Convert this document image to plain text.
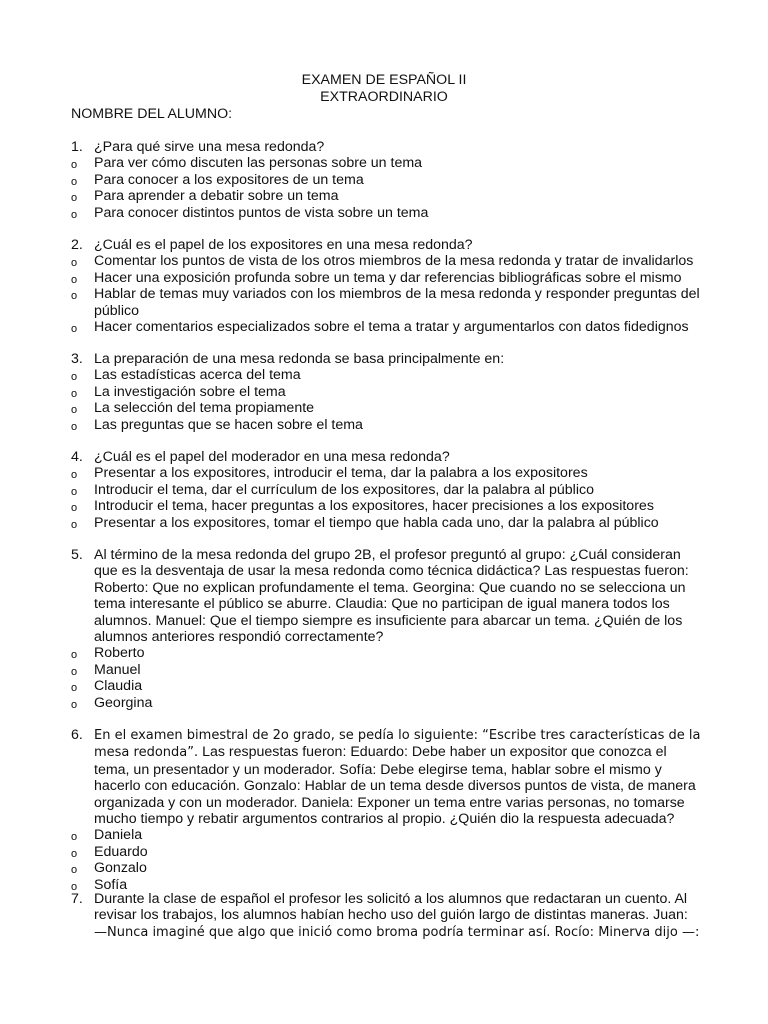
EXAMEN DE ESPAÑOL II
EXTRAORDINARIO
NOMBRE DEL ALUMNO:
1. ¿Para qué sirve una mesa redonda?
o Para ver cómo discuten las personas sobre un tema
o Para conocer a los expositores de un tema
o Para aprender a debatir sobre un tema
o Para conocer distintos puntos de vista sobre un tema
2. ¿Cuál es el papel de los expositores en una mesa redonda?
o Comentar los puntos de vista de los otros miembros de la mesa redonda y tratar de invalidarlos
o Hacer una exposición profunda sobre un tema y dar referencias bibliográficas sobre el mismo
o Hablar de temas muy variados con los miembros de la mesa redonda y responder preguntas del público
o Hacer comentarios especializados sobre el tema a tratar y argumentarlos con datos fidedignos
3. La preparación de una mesa redonda se basa principalmente en:
o Las estadísticas acerca del tema
o La investigación sobre el tema
o La selección del tema propiamente
o Las preguntas que se hacen sobre el tema
4. ¿Cuál es el papel del moderador en una mesa redonda?
o Presentar a los expositores, introducir el tema, dar la palabra a los expositores
o Introducir el tema, dar el currículum de los expositores, dar la palabra al público
o Introducir el tema, hacer preguntas a los expositores, hacer precisiones a los expositores
o Presentar a los expositores, tomar el tiempo que habla cada uno, dar la palabra al público
5. Al término de la mesa redonda del grupo 2B, el profesor preguntó al grupo: ¿Cuál consideran que es la desventaja de usar la mesa redonda como técnica didáctica? Las respuestas fueron: Roberto: Que no explican profundamente el tema. Georgina: Que cuando no se selecciona un tema interesante el público se aburre. Claudia: Que no participan de igual manera todos los alumnos. Manuel: Que el tiempo siempre es insuficiente para abarcar un tema. ¿Quién de los alumnos anteriores respondió correctamente?
o Roberto
o Manuel
o Claudia
o Georgina
6. En el examen bimestral de 2o grado, se pedía lo siguiente: “Escribe tres características de la mesa redonda”. Las respuestas fueron: Eduardo: Debe haber un expositor que conozca el tema, un presentador y un moderador. Sofía: Debe elegirse tema, hablar sobre el mismo y hacerlo con educación. Gonzalo: Hablar de un tema desde diversos puntos de vista, de manera organizada y con un moderador. Daniela: Exponer un tema entre varias personas, no tomarse mucho tiempo y rebatir argumentos contrarios al propio. ¿Quién dio la respuesta adecuada?
o Daniela
o Eduardo
o Gonzalo
o Sofía
7. Durante la clase de español el profesor les solicitó a los alumnos que redactaran un cuento. Al revisar los trabajos, los alumnos habían hecho uso del guión largo de distintas maneras. Juan: —Nunca imaginé que algo que inició como broma podría terminar así. Rocío: Minerva dijo —:
